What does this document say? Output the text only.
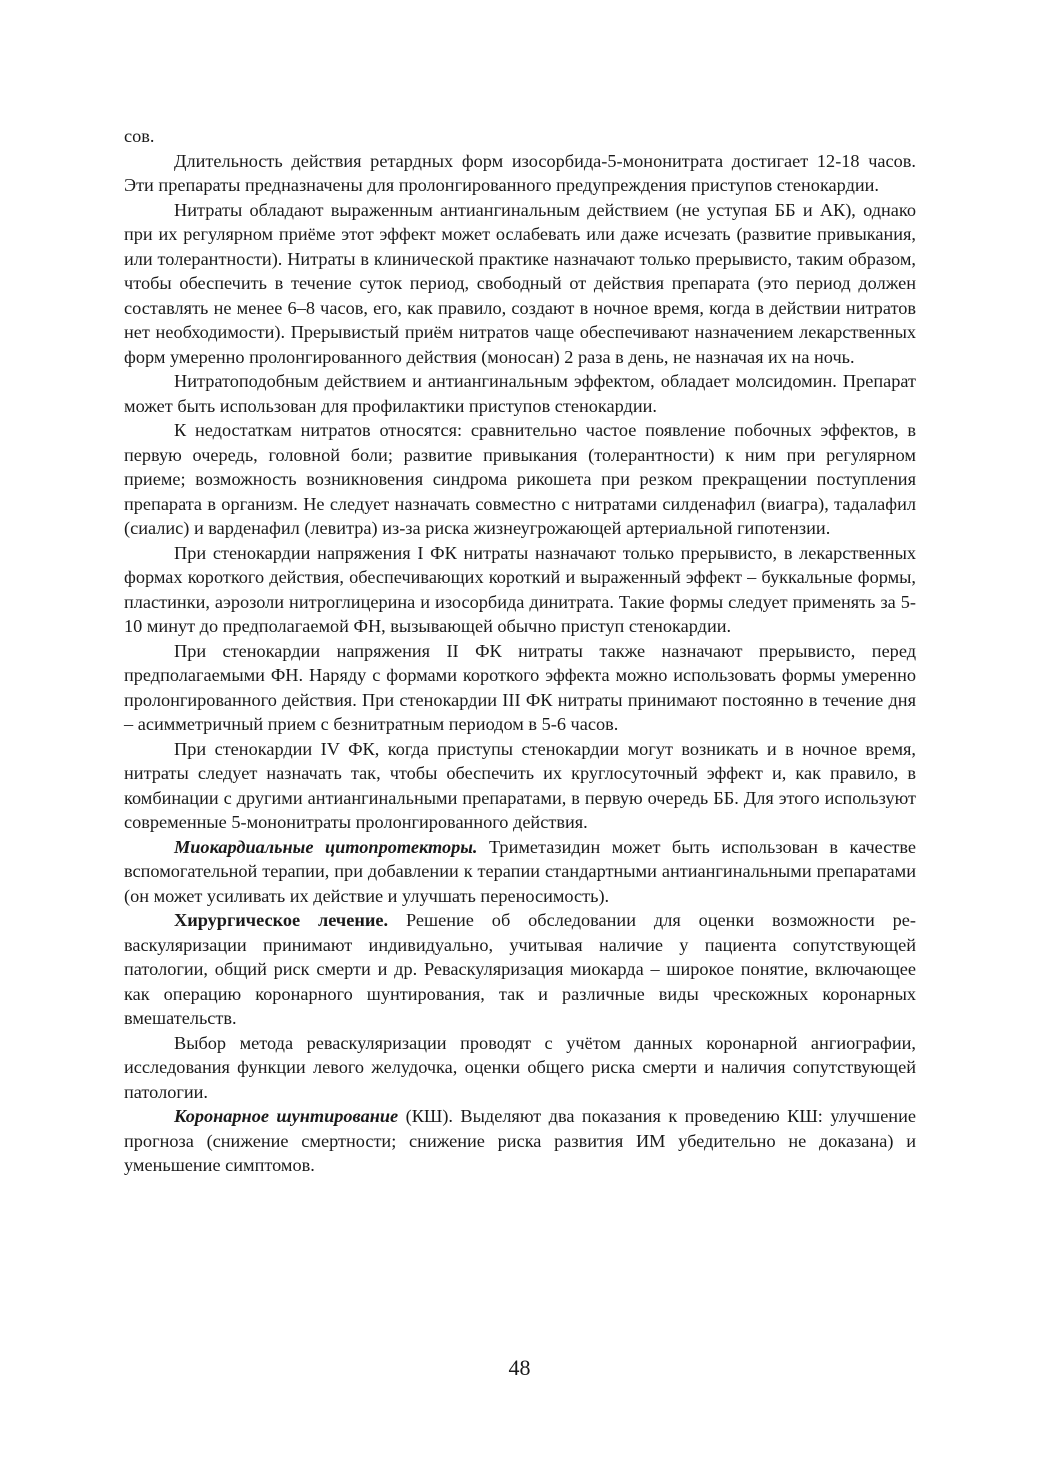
сов.

Длительность действия ретардных форм изосорбида-5-мононитрата достигает 12-18 часов. Эти препараты предназначены для пролонгированного предупреждения приступов стенокардии.

Нитраты обладают выраженным антиангинальным действием (не уступая ББ и АК), однако при их регулярном приёме этот эффект может ослабевать или даже исчезать (развитие привыкания, или толерантности). Нитраты в клинической практике назначают только прерывисто, таким образом, чтобы обеспечить в течение суток период, свободный от действия препарата (это период должен составлять не менее 6–8 часов, его, как правило, создают в ночное время, когда в действии нитратов нет необходимости). Прерывистый приём нитратов чаще обеспечивают назначением лекарственных форм умеренно пролонгированного действия (моносан) 2 раза в день, не назначая их на ночь.

Нитратоподобным действием и антиангинальным эффектом, обладает молсидомин. Препарат может быть использован для профилактики приступов стенокардии.

К недостаткам нитратов относятся: сравнительно частое появление побочных эффектов, в первую очередь, головной боли; развитие привыкания (толерантности) к ним при регулярном приеме; возможность возникновения синдрома рикошета при резком прекращении поступления препарата в организм. Не следует назначать совместно с нитратами силденафил (виагра), тадалафил (сиалис) и варденафил (левитра) из-за риска жизнеугрожающей артериальной гипотензии.

При стенокардии напряжения I ФК нитраты назначают только прерывисто, в лекарственных формах короткого действия, обеспечивающих короткий и выраженный эффект – буккальные формы, пластинки, аэрозоли нитроглицерина и изосорбида динитрата. Такие формы следует применять за 5-10 минут до предполагаемой ФН, вызывающей обычно приступ стенокардии.

При стенокардии напряжения II ФК нитраты также назначают прерывисто, перед предполагаемыми ФН. Наряду с формами короткого эффекта можно использовать формы умеренно пролонгированного действия. При стенокардии III ФК нитраты принимают постоянно в течение дня – асимметричный прием с безнитратным периодом в 5-6 часов.

При стенокардии IV ФК, когда приступы стенокардии могут возникать и в ночное время, нитраты следует назначать так, чтобы обеспечить их круглосуточный эффект и, как правило, в комбинации с другими антиангинальными препаратами, в первую очередь ББ. Для этого используют современные 5-мононитраты пролонгированного действия.

Миокардиальные цитопротекторы. Триметазидин может быть использован в качестве вспомогательной терапии, при добавлении к терапии стандартными антиангинальными препаратами (он может усиливать их действие и улучшать переносимость).

Хирургическое лечение. Решение об обследовании для оценки возможности реваскуляризации принимают индивидуально, учитывая наличие у пациента сопутствующей патологии, общий риск смерти и др. Реваскуляризация миокарда – широкое понятие, включающее как операцию коронарного шунтирования, так и различные виды чрескожных коронарных вмешательств.

Выбор метода реваскуляризации проводят с учётом данных коронарной ангиографии, исследования функции левого желудочка, оценки общего риска смерти и наличия сопутствующей патологии.

Коронарное шунтирование (КШ). Выделяют два показания к проведению КШ: улучшение прогноза (снижение смертности; снижение риска развития ИМ убедительно не доказана) и уменьшение симптомов.

48
